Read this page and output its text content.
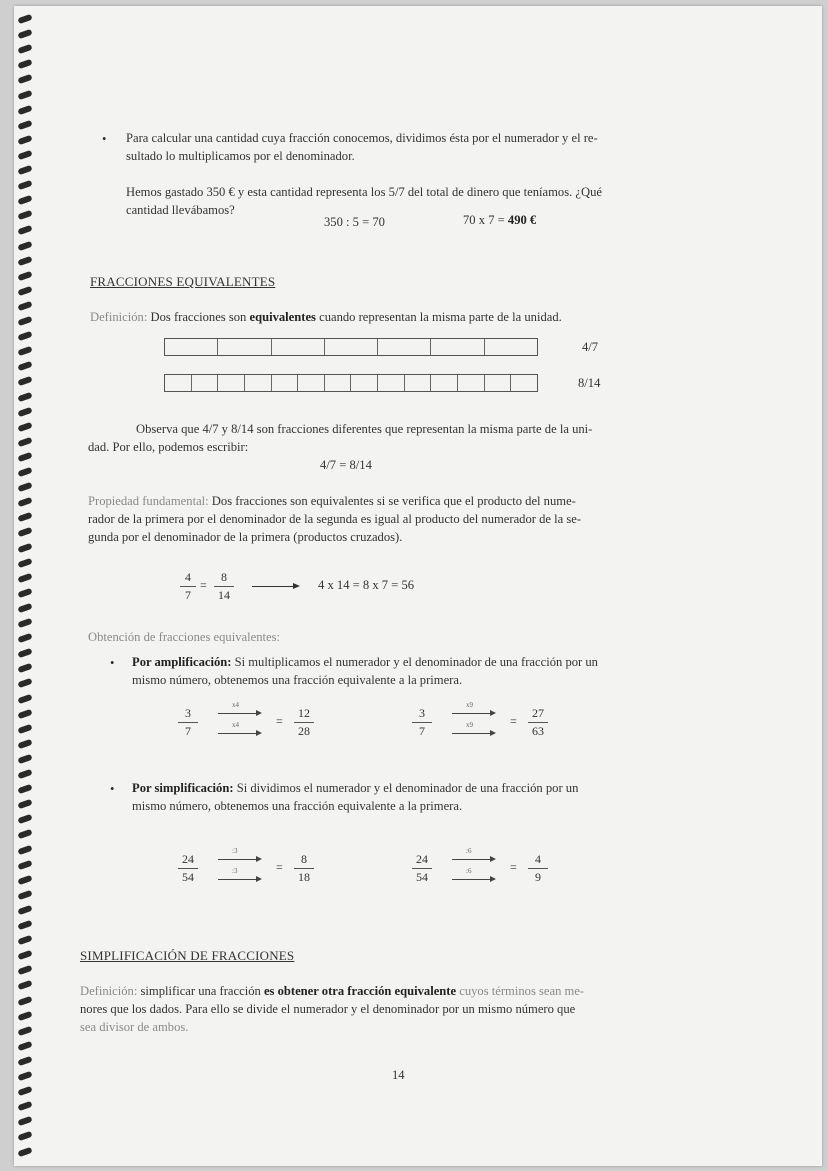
• Para calcular una cantidad cuya fracción conocemos, dividimos ésta por el numerador y el re-
sultado lo multiplicamos por el denominador.
Hemos gastado 350 € y esta cantidad representa los 5/7 del total de dinero que teníamos. ¿Qué
cantidad llevábamos?
350 : 5 = 70	70 x 7 = 490 €
FRACCIONES EQUIVALENTES
Definición: Dos fracciones son equivalentes cuando representan la misma parte de la unidad.
4/7
8/14
Observa que 4/7 y 8/14 son fracciones diferentes que representan la misma parte de la uni-
dad. Por ello, podemos escribir:
4/7 = 8/14
Propiedad fundamental: Dos fracciones son equivalentes si se verifica que el producto del nume-
rador de la primera por el denominador de la segunda es igual al producto del numerador de la se-
gunda por el denominador de la primera (productos cruzados).
$\frac{4}{7} = \frac{8}{14}$	4 x 14 = 8 x 7 = 56
Obtención de fracciones equivalentes:
• Por amplificación: Si multiplicamos el numerador y el denominador de una fracción por un
mismo número, obtenemos una fracción equivalente a la primera.
$\frac{3}{7}$
x4
x4	= $\frac{12}{28}$	$\frac{3}{7}$
x9
x9	= $\frac{27}{63}$
• Por simplificación: Si dividimos el numerador y el denominador de una fracción por un
mismo número, obtenemos una fracción equivalente a la primera.
$\frac{24}{54}$
:3
:3	= $\frac{8}{18}$	$\frac{24}{54}$
:6
:6	= $\frac{4}{9}$
SIMPLIFICACIÓN DE FRACCIONES
Definición: simplificar una fracción es obtener otra fracción equivalente cuyos términos sean me-
nores que los dados. Para ello se divide el numerador y el denominador por un mismo número que
sea divisor de ambos.
14
